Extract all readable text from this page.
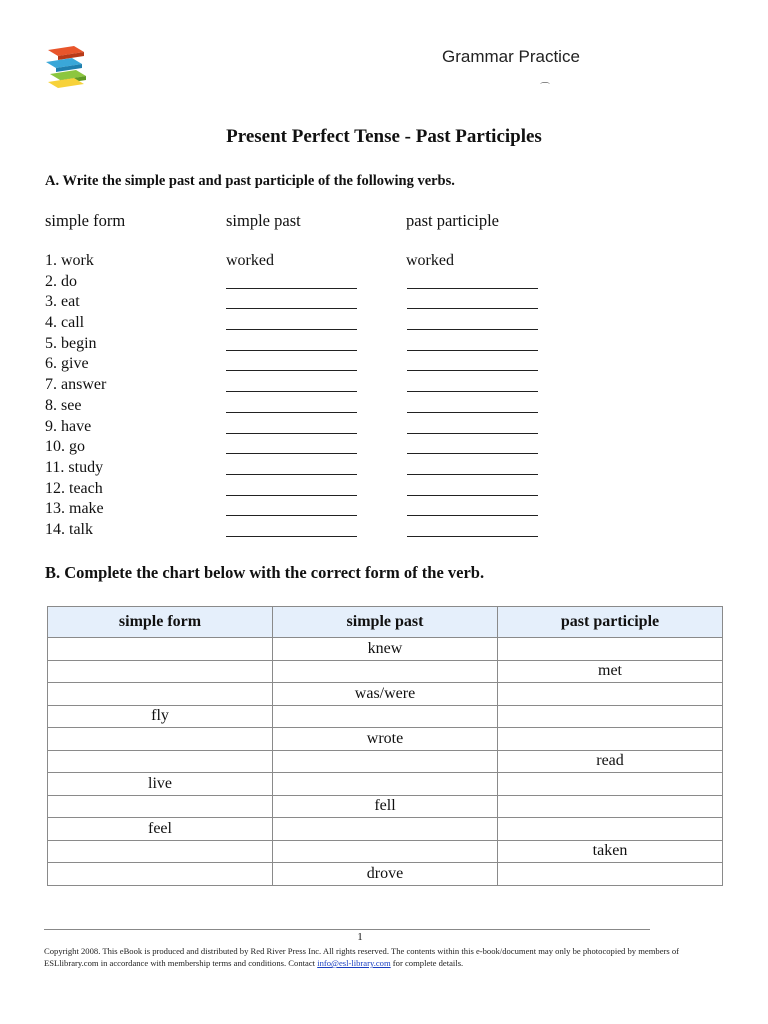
Grammar Practice
⌒
Present Perfect Tense - Past Participles
A. Write the simple past and past participle of the following verbs.
simple form	simple past	past participle
1. work	worked	worked
2. do
3. eat
4. call
5. begin
6. give
7. answer
8. see
9. have
10. go
11. study
12. teach
13. make
14. talk
B. Complete the chart below with the correct form of the verb.
simple form	simple past	past participle
	knew	
		met
	was/were	
fly		
	wrote	
		read
live		
	fell	
feel		
		taken
	drove	
1
Copyright 2008. This eBook is produced and distributed by Red River Press Inc. All rights reserved. The contents within this e-book/document may only be photocopied by members of ESLlibrary.com in accordance with membership terms and conditions. Contact info@esl-library.com for complete details.
